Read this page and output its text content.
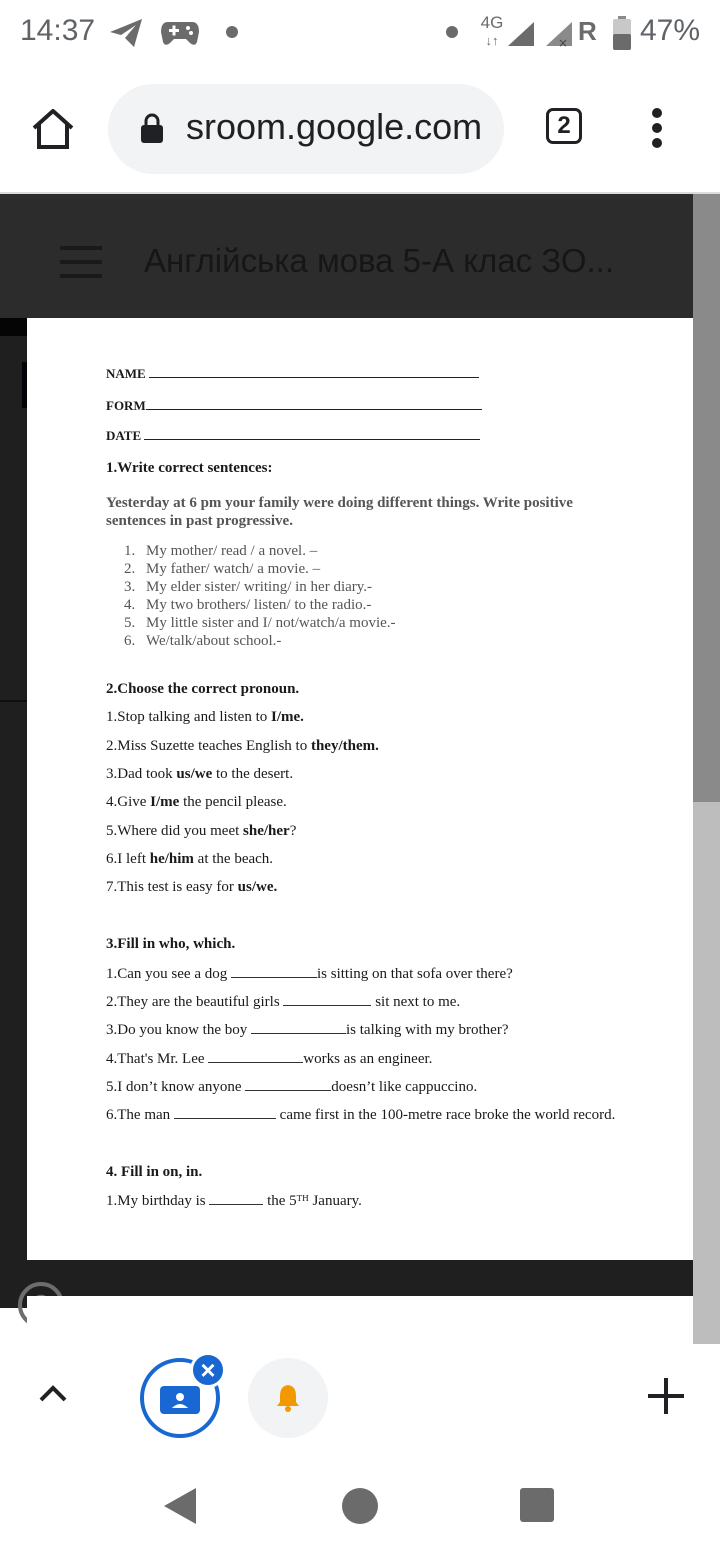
14:37	4G
↓↑	× R 47%
sroom.google.com	2
Англійська мова 5-А клас ЗО...
NAME
FORM
DATE
1.Write correct sentences:
Yesterday at 6 pm your family were doing different things. Write positive sentences in past progressive.
1. My mother/ read / a novel. –
2. My father/ watch/ a movie. –
3. My elder sister/ writing/ in her diary.-
4. My two brothers/ listen/ to the radio.-
5. My little sister and I/ not/watch/a movie.-
6. We/talk/about school.-
2.Choose the correct pronoun.
1.Stop talking and listen to I/me.
2.Miss Suzette teaches English to they/them.
3.Dad took us/we to the desert.
4.Give I/me the pencil please.
5.Where did you meet she/her?
6.I left he/him at the beach.
7.This test is easy for us/we.
3.Fill in who, which.
1.Can you see a dog	is sitting on that sofa over there?
2.They are the beautiful girls	sit next to me.
3.Do you know the boy	is talking with my brother?
4.That's Mr. Lee	works as an engineer.
5.I don’t know anyone	doesn’t like cappuccino.
6.The man	came first in the 100-metre race broke the world record.
4. Fill in on, in.
1.My birthday is	the 5ᵀᴴ January.
×
